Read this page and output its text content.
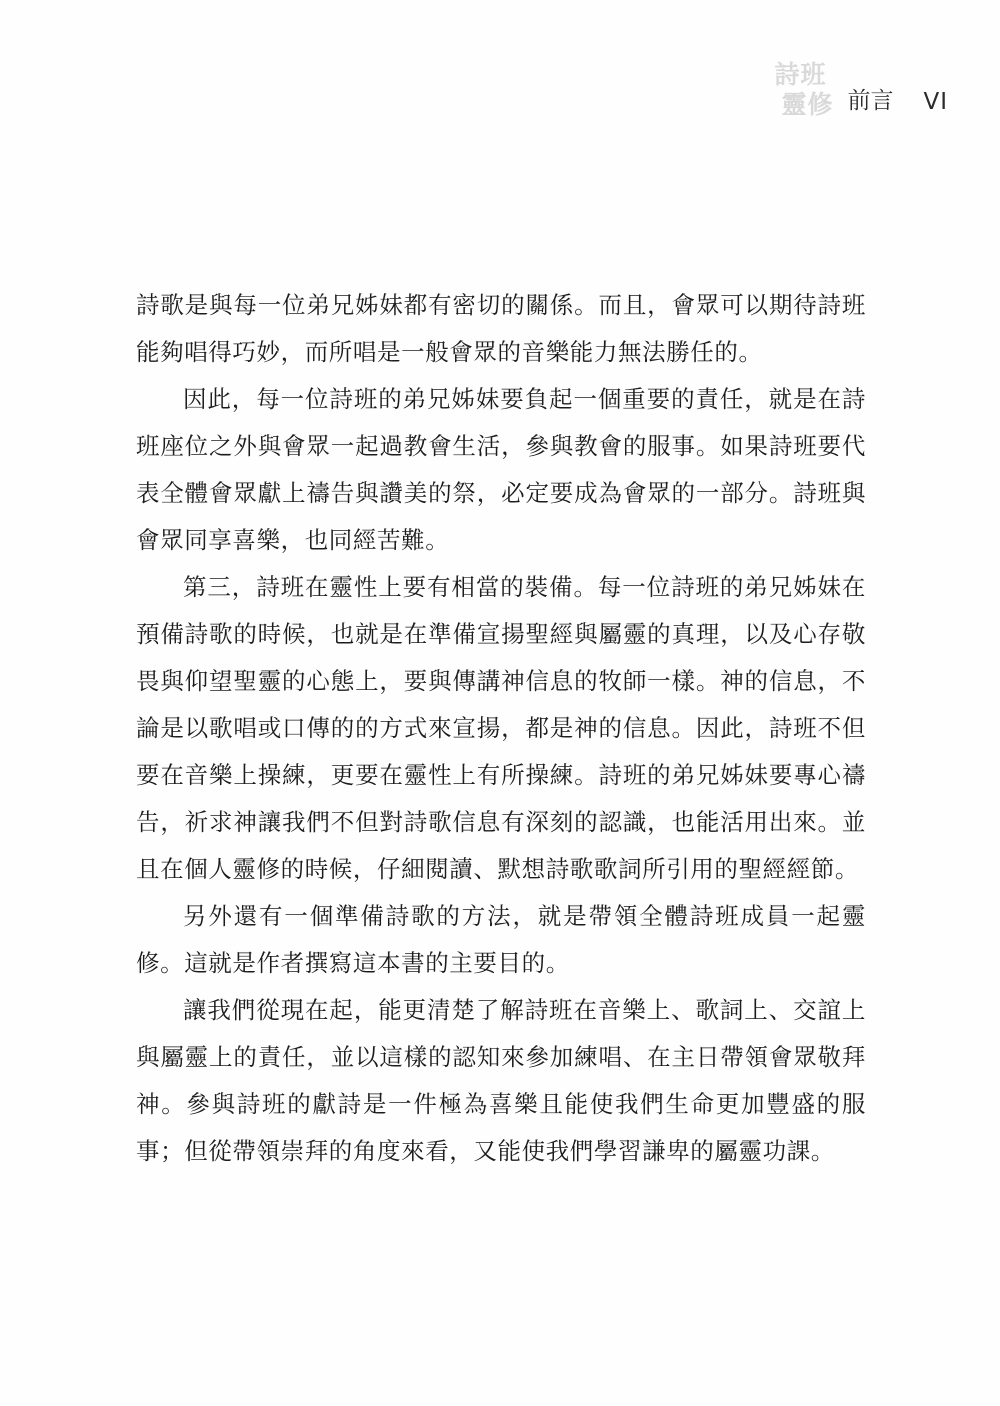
詩班
靈修 前言 VI

詩歌是與每一位弟兄姊妹都有密切的關係。而且，會眾可以期待詩班能夠唱得巧妙，而所唱是一般會眾的音樂能力無法勝任的。

因此，每一位詩班的弟兄姊妹要負起一個重要的責任，就是在詩班座位之外與會眾一起過教會生活，參與教會的服事。如果詩班要代表全體會眾獻上禱告與讚美的祭，必定要成為會眾的一部分。詩班與會眾同享喜樂，也同經苦難。

第三，詩班在靈性上要有相當的裝備。每一位詩班的弟兄姊妹在預備詩歌的時候，也就是在準備宣揚聖經與屬靈的真理，以及心存敬畏與仰望聖靈的心態上，要與傳講神信息的牧師一樣。神的信息，不論是以歌唱或口傳的的方式來宣揚，都是神的信息。因此，詩班不但要在音樂上操練，更要在靈性上有所操練。詩班的弟兄姊妹要專心禱告，祈求神讓我們不但對詩歌信息有深刻的認識，也能活用出來。並且在個人靈修的時候，仔細閱讀、默想詩歌歌詞所引用的聖經經節。

另外還有一個準備詩歌的方法，就是帶領全體詩班成員一起靈修。這就是作者撰寫這本書的主要目的。

讓我們從現在起，能更清楚了解詩班在音樂上、歌詞上、交誼上與屬靈上的責任，並以這樣的認知來參加練唱、在主日帶領會眾敬拜神。參與詩班的獻詩是一件極為喜樂且能使我們生命更加豐盛的服事；但從帶領崇拜的角度來看，又能使我們學習謙卑的屬靈功課。
